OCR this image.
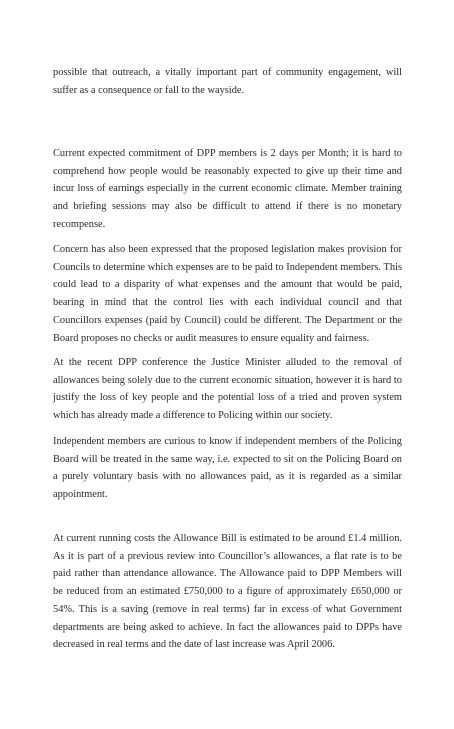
possible that outreach, a vitally important part of community engagement, will suffer as a consequence or fall to the wayside.

Current expected commitment of DPP members is 2 days per Month; it is hard to comprehend how people would be reasonably expected to give up their time and incur loss of earnings especially in the current economic climate. Member training and briefing sessions may also be difficult to attend if there is no monetary recompense.

Concern has also been expressed that the proposed legislation makes provision for Councils to determine which expenses are to be paid to Independent members. This could lead to a disparity of what expenses and the amount that would be paid, bearing in mind that the control lies with each individual council and that Councillors expenses (paid by Council) could be different. The Department or the Board proposes no checks or audit measures to ensure equality and fairness.

At the recent DPP conference the Justice Minister alluded to the removal of allowances being solely due to the current economic situation, however it is hard to justify the loss of key people and the potential loss of a tried and proven system which has already made a difference to Policing within our society.

Independent members are curious to know if independent members of the Policing Board will be treated in the same way, i.e. expected to sit on the Policing Board on a purely voluntary basis with no allowances paid, as it is regarded as a similar appointment.

At current running costs the Allowance Bill is estimated to be around £1.4 million. As it is part of a previous review into Councillor’s allowances, a flat rate is to be paid rather than attendance allowance. The Allowance paid to DPP Members will be reduced from an estimated £750,000 to a figure of approximately £650,000 or 54%. This is a saving (remove in real terms) far in excess of what Government departments are being asked to achieve. In fact the allowances paid to DPPs have decreased in real terms and the date of last increase was April 2006.
